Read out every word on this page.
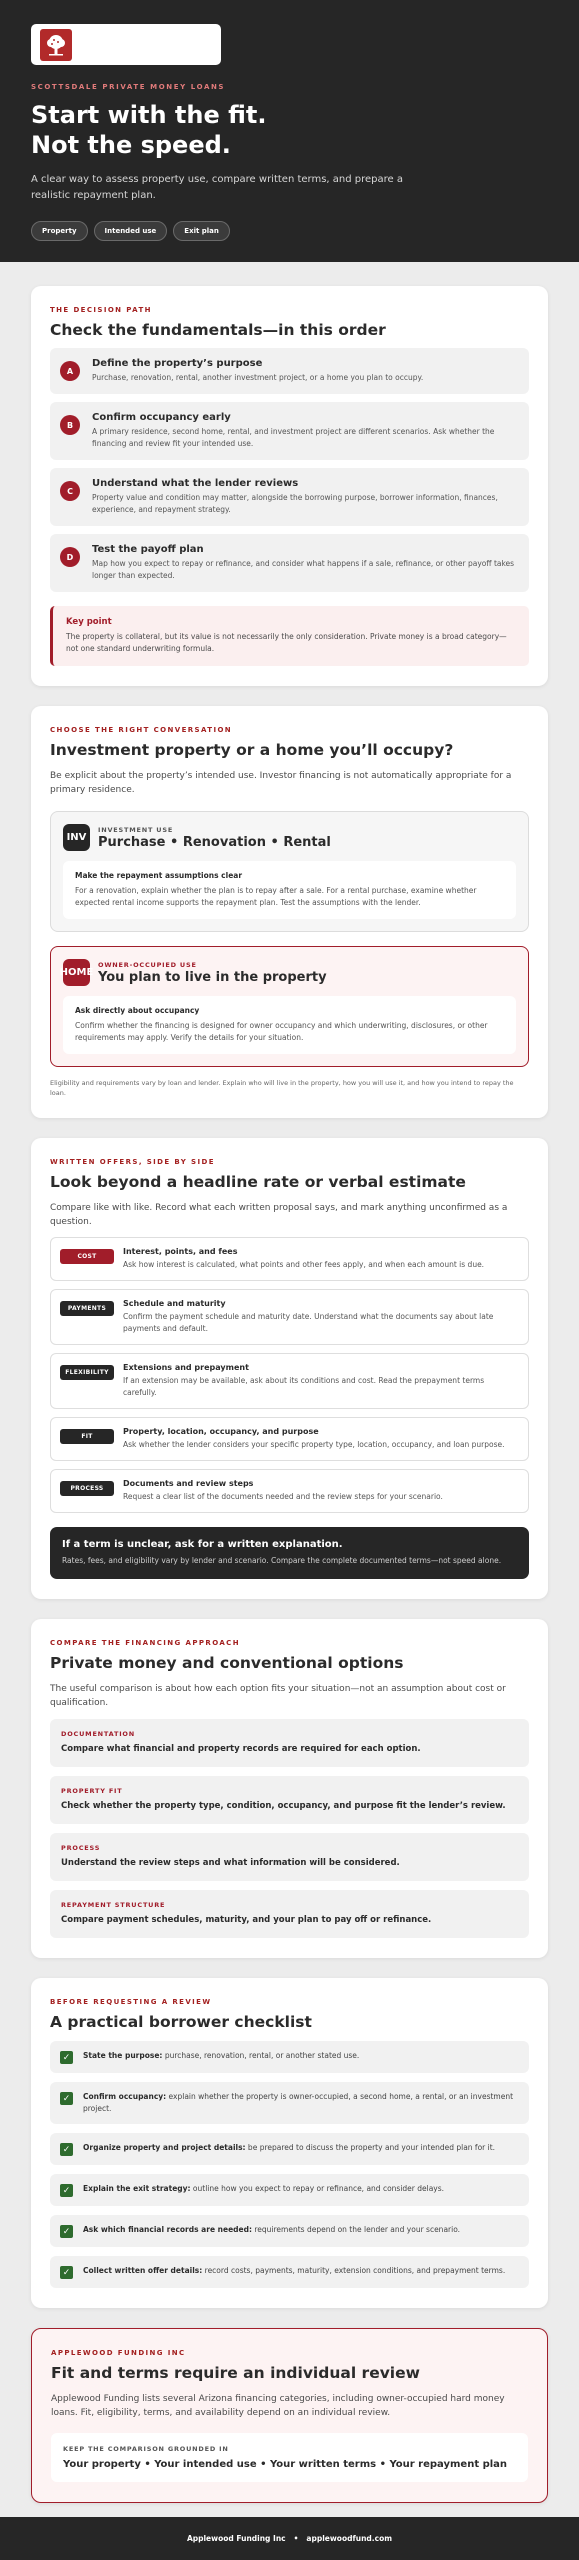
SCOTTSDALE PRIVATE MONEY LOANS
Start with the fit.
Not the speed.

A clear way to assess property use, compare written terms, and prepare a realistic repayment plan.

Property	Intended use	Exit plan
THE DECISION PATH
Check the fundamentals—in this order
A
Define the property’s purpose
Purchase, renovation, rental, another investment project, or a home you plan to occupy.
B
Confirm occupancy early
A primary residence, second home, rental, and investment project are different scenarios. Ask whether the financing and review fit your intended use.
C
Understand what the lender reviews
Property value and condition may matter, alongside the borrowing purpose, borrower information, finances, experience, and repayment strategy.
D
Test the payoff plan
Map how you expect to repay or refinance, and consider what happens if a sale, refinance, or other payoff takes longer than expected.
Key point
The property is collateral, but its value is not necessarily the only consideration. Private money is a broad category—not one standard underwriting formula.
CHOOSE THE RIGHT CONVERSATION
Investment property or a home you’ll occupy?

Be explicit about the property’s intended use. Investor financing is not automatically appropriate for a primary residence.

INV
INVESTMENT USE
Purchase • Renovation • Rental
Make the repayment assumptions clear
For a renovation, explain whether the plan is to repay after a sale. For a rental purchase, examine whether expected rental income supports the repayment plan. Test the assumptions with the lender.
HOME
OWNER-OCCUPIED USE
You plan to live in the property
Ask directly about occupancy
Confirm whether the financing is designed for owner occupancy and which underwriting, disclosures, or other requirements may apply. Verify the details for your situation.

Eligibility and requirements vary by loan and lender. Explain who will live in the property, how you will use it, and how you intend to repay the loan.

WRITTEN OFFERS, SIDE BY SIDE
Look beyond a headline rate or verbal estimate

Compare like with like. Record what each written proposal says, and mark anything unconfirmed as a question.

COST
Interest, points, and fees
Ask how interest is calculated, what points and other fees apply, and when each amount is due.
PAYMENTS
Schedule and maturity
Confirm the payment schedule and maturity date. Understand what the documents say about late payments and default.
FLEXIBILITY
Extensions and prepayment
If an extension may be available, ask about its conditions and cost. Read the prepayment terms carefully.
FIT
Property, location, occupancy, and purpose
Ask whether the lender considers your specific property type, location, occupancy, and loan purpose.
PROCESS
Documents and review steps
Request a clear list of the documents needed and the review steps for your scenario.
If a term is unclear, ask for a written explanation.
Rates, fees, and eligibility vary by lender and scenario. Compare the complete documented terms—not speed alone.
COMPARE THE FINANCING APPROACH
Private money and conventional options

The useful comparison is about how each option fits your situation—not an assumption about cost or qualification.

DOCUMENTATION
Compare what financial and property records are required for each option.
PROPERTY FIT
Check whether the property type, condition, occupancy, and purpose fit the lender’s review.
PROCESS
Understand the review steps and what information will be considered.
REPAYMENT STRUCTURE
Compare payment schedules, maturity, and your plan to pay off or refinance.
BEFORE REQUESTING A REVIEW
A practical borrower checklist
✓	State the purpose: purchase, renovation, rental, or another stated use.
✓	Confirm occupancy: explain whether the property is owner-occupied, a second home, a rental, or an investment project.
✓	Organize property and project details: be prepared to discuss the property and your intended plan for it.
✓	Explain the exit strategy: outline how you expect to repay or refinance, and consider delays.
✓	Ask which financial records are needed: requirements depend on the lender and your scenario.
✓	Collect written offer details: record costs, payments, maturity, extension conditions, and prepayment terms.
APPLEWOOD FUNDING INC
Fit and terms require an individual review

Applewood Funding lists several Arizona financing categories, including owner-occupied hard money loans. Fit, eligibility, terms, and availability depend on an individual review.

KEEP THE COMPARISON GROUNDED IN
Your property • Your intended use • Your written terms • Your repayment plan
Applewood Funding Inc • applewoodfund.com
